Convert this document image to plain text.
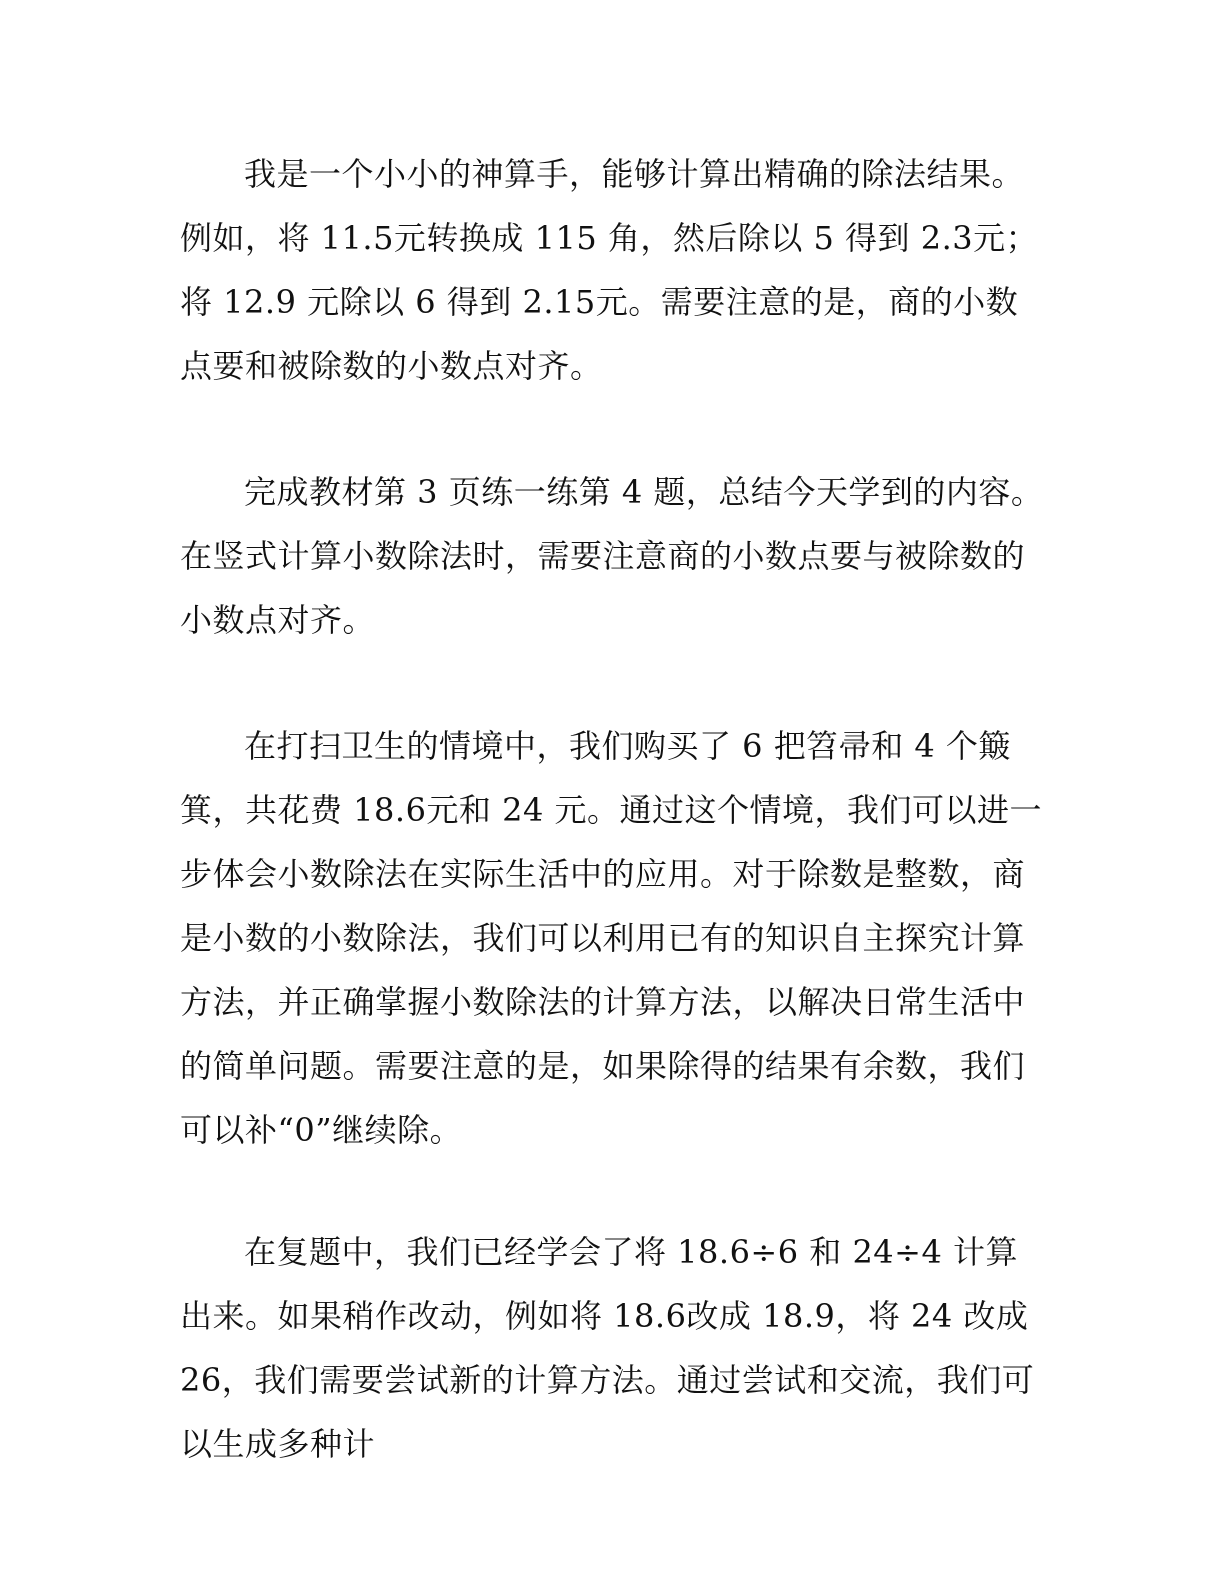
我是一个小小的神算手，能够计算出精确的除法结果。例如，将 11.5元转换成 115 角，然后除以 5 得到 2.3元；将 12.9 元除以 6 得到 2.15元。需要注意的是，商的小数点要和被除数的小数点对齐。

完成教材第 3 页练一练第 4 题，总结今天学到的内容。在竖式计算小数除法时，需要注意商的小数点要与被除数的小数点对齐。

在打扫卫生的情境中，我们购买了 6 把笤帚和 4 个簸箕，共花费 18.6元和 24 元。通过这个情境，我们可以进一步体会小数除法在实际生活中的应用。对于除数是整数，商是小数的小数除法，我们可以利用已有的知识自主探究计算方法，并正确掌握小数除法的计算方法，以解决日常生活中的简单问题。需要注意的是，如果除得的结果有余数，我们可以补“0”继续除。

在复题中，我们已经学会了将 18.6÷6 和 24÷4 计算出来。如果稍作改动，例如将 18.6改成 18.9，将 24 改成 26，我们需要尝试新的计算方法。通过尝试和交流，我们可以生成多种计
